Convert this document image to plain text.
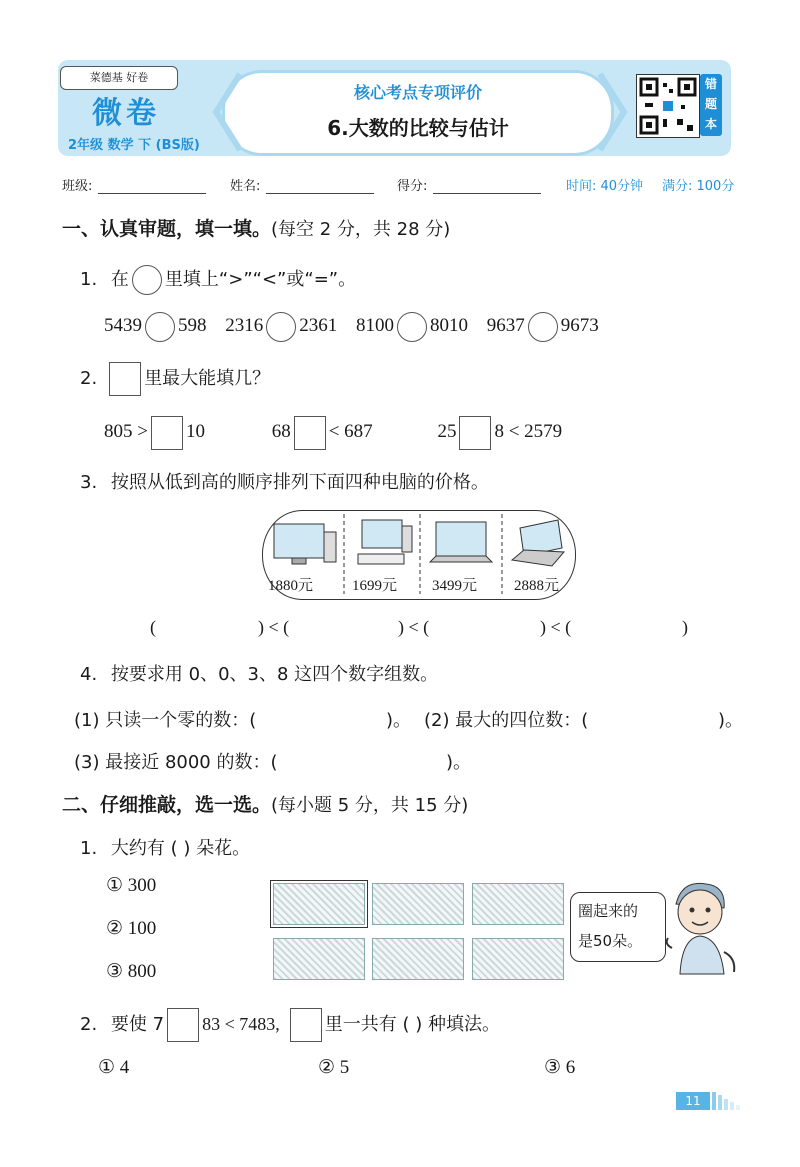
菜德基 好卷
微卷
2年级 数学 下 (BS版)
核心考点专项评价
6.大数的比较与估计
错题本
班级:	姓名:	得分:	时间: 40分钟 满分: 100分
一、认真审题，填一填。(每空 2 分，共 28 分)
1. 在 里填上“>”“<”或“=”。
5439 598 2316 2361 8100 8010 9637 9673
2.	里最大能填几？
805 > 10	68 < 687	25 8 < 2579
3. 按照从低到高的顺序排列下面四种电脑的价格。
1880元	1699元 3499元 2888元
(	) < (	) < (	) < (	)
4. 按要求用 0、0、3、8 这四个数字组数。
(1) 只读一个零的数：(	)。 (2) 最大的四位数：(	)。
(3) 最接近 8000 的数：(	)。
二、仔细推敲，选一选。(每小题 5 分，共 15 分)
1. 大约有 ( ) 朵花。
① 300
② 100
③ 800
圈起来的
是50朵。
2. 要使 7 83 < 7483,	里一共有 ( ) 种填法。
① 4	② 5	③ 6
11
